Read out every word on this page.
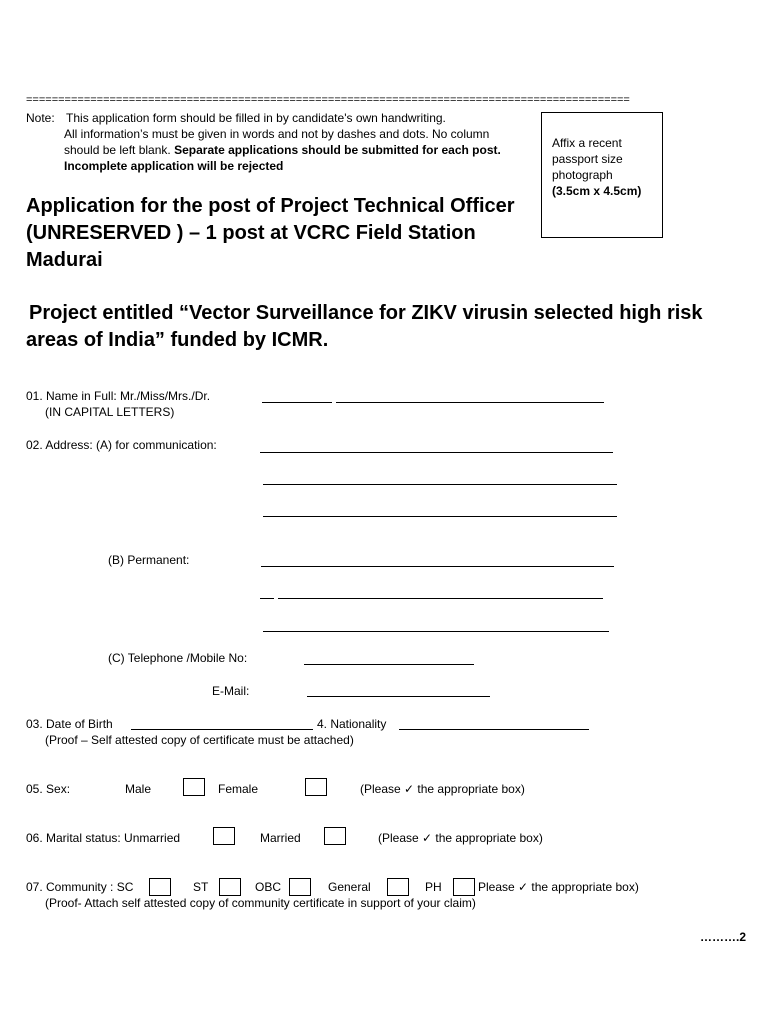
==============================================================================================
Note: This application form should be filled in by candidate's own handwriting.
All information’s must be given in words and not by dashes and dots. No column
should be left blank. Separate applications should be submitted for each post.
Incomplete application will be rejected
Affix a recent
passport size
photograph
(3.5cm x 4.5cm)
Application for the post of Project Technical Officer
(UNRESERVED ) – 1 post at VCRC Field Station
Madurai
Project entitled “Vector Surveillance for ZIKV virusin selected high risk
areas of India” funded by ICMR.
01. Name in Full: Mr./Miss/Mrs./Dr.
(IN CAPITAL LETTERS)
02. Address: (A) for communication:
(B) Permanent:
(C) Telephone /Mobile No:
E-Mail:
03. Date of Birth	4. Nationality
(Proof – Self attested copy of certificate must be attached)
05. Sex:	Male	Female	(Please ✓ the appropriate box)
06. Marital status: Unmarried	Married	(Please ✓ the appropriate box)
07. Community : SC	ST	OBC	General	PH	Please ✓ the appropriate box)
(Proof- Attach self attested copy of community certificate in support of your claim)
……….2
